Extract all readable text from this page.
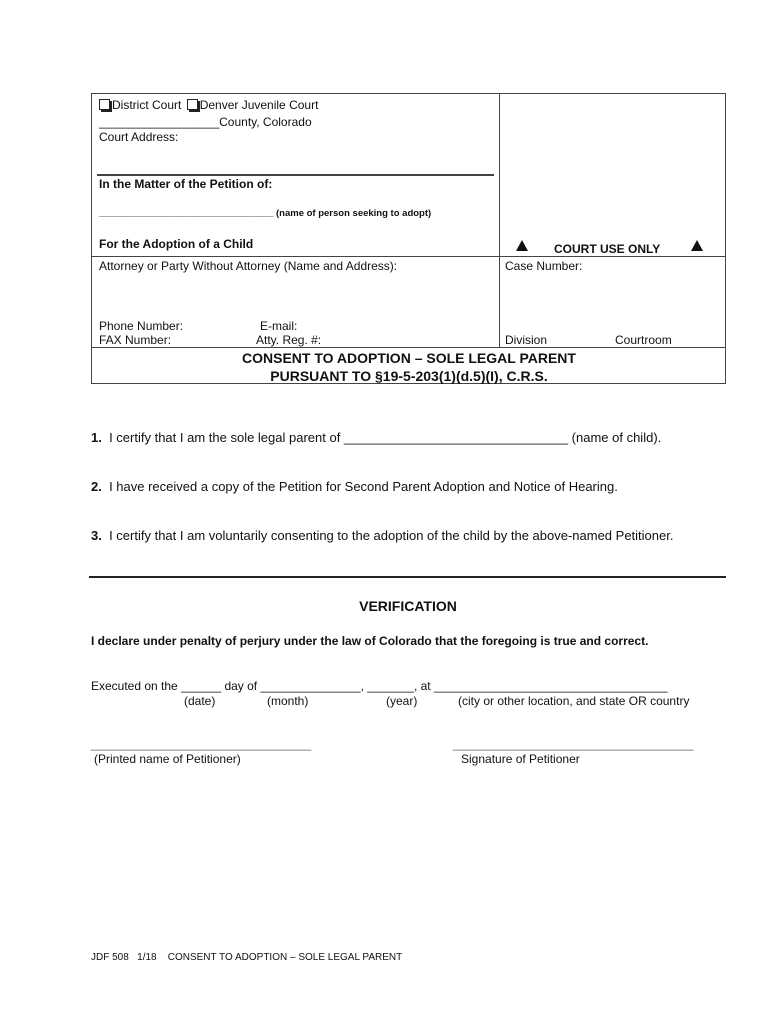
District Court Denver Juvenile Court
__________________County, Colorado
Court Address:
In the Matter of the Petition of:
_________________________________ (name of person seeking to adopt)
For the Adoption of a Child	COURT USE ONLY
Attorney or Party Without Attorney (Name and Address):
Phone Number:	E-mail:
FAX Number:	Atty. Reg. #:
Case Number:
Division	Courtroom
CONSENT TO ADOPTION – SOLE LEGAL PARENT
PURSUANT TO §19-5-203(1)(d.5)(I), C.R.S.
1. I certify that I am the sole legal parent of _______________________________ (name of child).
2. I have received a copy of the Petition for Second Parent Adoption and Notice of Hearing.
3. I certify that I am voluntarily consenting to the adoption of the child by the above-named Petitioner.
VERIFICATION
I declare under penalty of perjury under the law of Colorado that the foregoing is true and correct.
Executed on the ______ day of _______________, _______, at ___________________________________
(date)	(month)	(year)	(city or other location, and state OR country
_________________________________
(Printed name of Petitioner)
____________________________________
Signature of Petitioner
JDF 508 1/18 CONSENT TO ADOPTION – SOLE LEGAL PARENT
